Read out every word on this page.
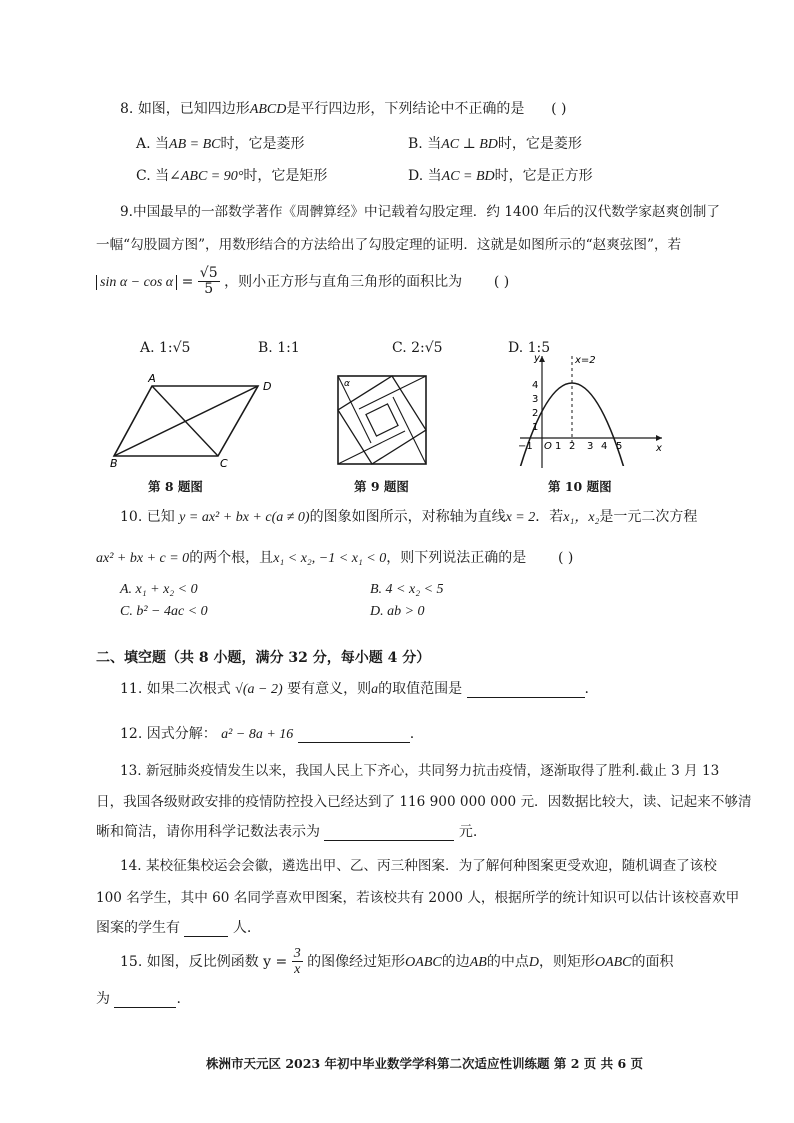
8. 如图，已知四边形ABCD是平行四边形，下列结论中不正确的是 ( )
A. 当AB = BC时，它是菱形	B. 当AC ⊥ BD时，它是菱形
C. 当∠ABC = 90°时，它是矩形	D. 当AC = BD时，它是正方形
9.中国最早的一部数学著作《周髀算经》中记载着勾股定理．约 1400 年后的汉代数学家赵爽创制了
一幅“勾股圆方图”，用数形结合的方法给出了勾股定理的证明．这就是如图所示的“赵爽弦图”，若
$\sin \alpha - \cos \alpha = \frac{√5}{5}$ ，则小正方形与直角三角形的面积比为 ( )
A. 1:√5	B. 1:1	C. 2:√5	D. 1:5
A
D
B	C
第 8 题图
α
第 9 题图
y
x
x=2
O
4
3
2
1
−1 1 2 3 4 5
第 10 题图
10. 已知 y = ax² + bx + c(a ≠ 0)的图象如图所示，对称轴为直线x = 2．若x₁，x₂是一元二次方程
ax² + bx + c = 0的两个根，且x₁ < x₂, −1 < x₁ < 0，则下列说法正确的是 ( )
A. x₁ + x₂ < 0	B. 4 < x₂ < 5
C. b² − 4ac < 0	D. ab > 0
二、填空题（共 8 小题，满分 32 分，每小题 4 分）
11. 如果二次根式 √(a − 2) 要有意义，则a的取值范围是	.
12. 因式分解： a² − 8a + 16	.
13. 新冠肺炎疫情发生以来，我国人民上下齐心，共同努力抗击疫情，逐渐取得了胜利.截止 3 月 13
日，我国各级财政安排的疫情防控投入已经达到了 116 900 000 000 元．因数据比较大，读、记起来不够清
晰和简洁，请你用科学记数法表示为	元.
14. 某校征集校运会会徽，遴选出甲、乙、丙三种图案．为了解何种图案更受欢迎，随机调查了该校
100 名学生，其中 60 名同学喜欢甲图案，若该校共有 2000 人，根据所学的统计知识可以估计该校喜欢甲
图案的学生有	人.
15. 如图，反比例函数 $y = \frac{3}{x}$ 的图像经过矩形OABC的边AB的中点D，则矩形OABC的面积
为	.
株洲市天元区 2023 年初中毕业数学学科第二次适应性训练题 第 2 页 共 6 页
